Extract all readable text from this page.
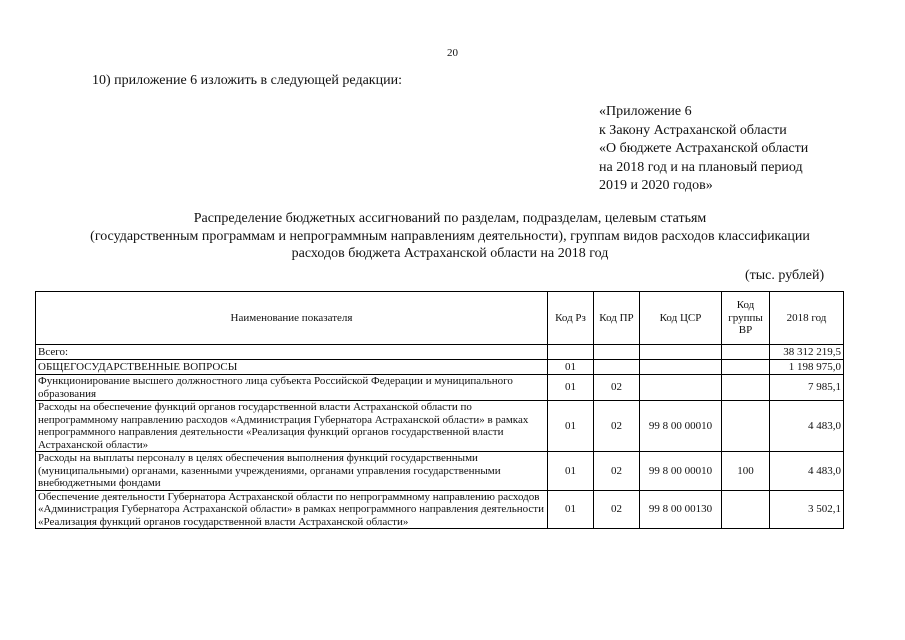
20
10) приложение 6 изложить в следующей редакции:
«Приложение 6
к Закону Астраханской области
«О бюджете Астраханской области
на 2018 год и на плановый период
2019 и 2020 годов»
Распределение бюджетных ассигнований по разделам, подразделам, целевым статьям
(государственным программам и непрограммным направлениям деятельности), группам видов расходов классификации
расходов бюджета Астраханской области на 2018 год
(тыс. рублей)
Наименование показателя	Код Рз	Код ПР	Код ЦСР	Код группы ВР	2018 год
Всего:					38 312 219,5
ОБЩЕГОСУДАРСТВЕННЫЕ ВОПРОСЫ	01				1 198 975,0
Функционирование высшего должностного лица субъекта Российской Федерации и муниципального образования	01	02			7 985,1
Расходы на обеспечение функций органов государственной власти Астраханской области по непрограммному направлению расходов «Администрация Губернатора Астраханской области» в рамках непрограммного направления деятельности «Реализация функций органов государственной власти Астраханской области»	01	02	99 8 00 00010		4 483,0
Расходы на выплаты персоналу в целях обеспечения выполнения функций государственными (муниципальными) органами, казенными учреждениями, органами управления государственными внебюджетными фондами	01	02	99 8 00 00010	100	4 483,0
Обеспечение деятельности Губернатора Астраханской области по непрограммному направлению расходов «Администрация Губернатора Астраханской области» в рамках непрограммного направления деятельности «Реализация функций органов государственной власти Астраханской области»	01	02	99 8 00 00130		3 502,1
